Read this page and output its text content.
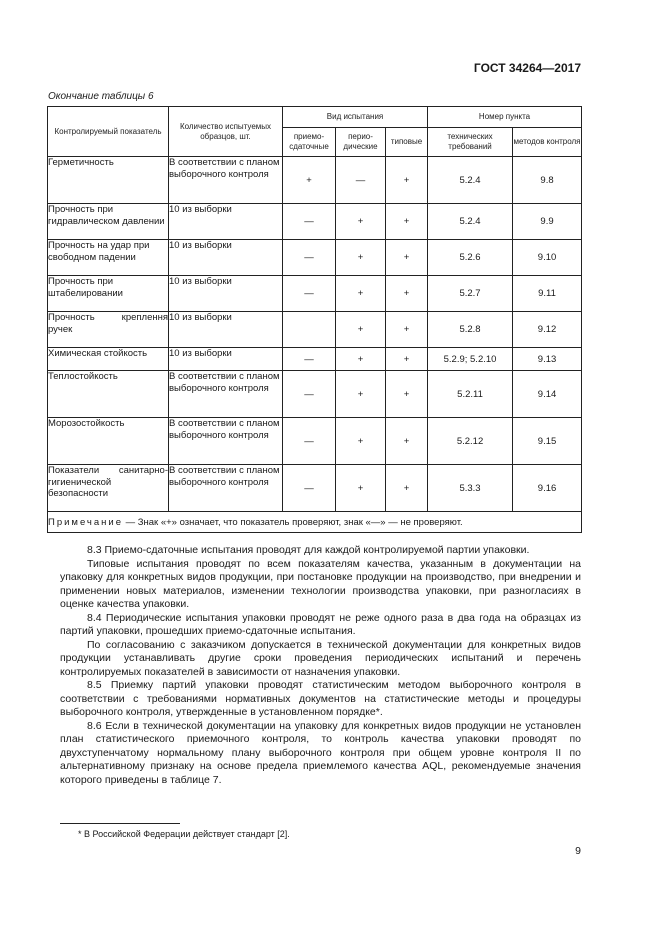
ГОСТ 34264—2017
Окончание таблицы 6
Контролируемый показатель	Количество испытуемых образцов, шт.	Вид испытания			Номер пункта	
		приемо-сдаточные	перио-дические	типовые	технических требований	методов контроля
Герметичность	В соответствии с планом выборочного контроля	+	—	+	5.2.4	9.8
Прочность при гидравлическом давлении	10 из выборки	—	+	+	5.2.4	9.9
Прочность на удар при свободном падении	10 из выборки	—	+	+	5.2.6	9.10
Прочность при штабелировании	10 из выборки	—	+	+	5.2.7	9.11
Прочность креплення ручек	10 из выборки		+	+	5.2.8	9.12
Химическая стойкость	10 из выборки	—	+	+	5.2.9; 5.2.10	9.13
Теплостойкость	В соответствии с планом выборочного контроля	—	+	+	5.2.11	9.14
Морозостойкость	В соответствии с планом выборочного контроля	—	+	+	5.2.12	9.15
Показатели санитарно-гигиенической безопасности	В соответствии с планом выборочного контроля	—	+	+	5.3.3	9.16
Примечание — Знак «+» означает, что показатель проверяют, знак «—» — не проверяют.						

8.3 Приемо-сдаточные испытания проводят для каждой контролируемой партии упаковки.

Типовые испытания проводят по всем показателям качества, указанным в документации на упаковку для конкретных видов продукции, при постановке продукции на производство, при внедрении и применении новых материалов, изменении технологии производства упаковки, при разногласиях в оценке качества упаковки.

8.4 Периодические испытания упаковки проводят не реже одного раза в два года на образцах из партий упаковки, прошедших приемо-сдаточные испытания.

По согласованию с заказчиком допускается в технической документации для конкретных видов продукции устанавливать другие сроки проведения периодических испытаний и перечень контролируемых показателей в зависимости от назначения упаковки.

8.5 Приемку партий упаковки проводят статистическим методом выборочного контроля в соответствии с требованиями нормативных документов на статистические методы и процедуры выборочного контроля, утвержденные в установленном порядке*.

8.6 Если в технической документации на упаковку для конкретных видов продукции не установлен план статистического приемочного контроля, то контроль качества упаковки проводят по двухступенчатому нормальному плану выборочного контроля при общем уровне контроля II по альтернативному признаку на основе предела приемлемого качества AQL, рекомендуемые значения которого приведены в таблице 7.

* В Российской Федерации действует стандарт [2].
9
